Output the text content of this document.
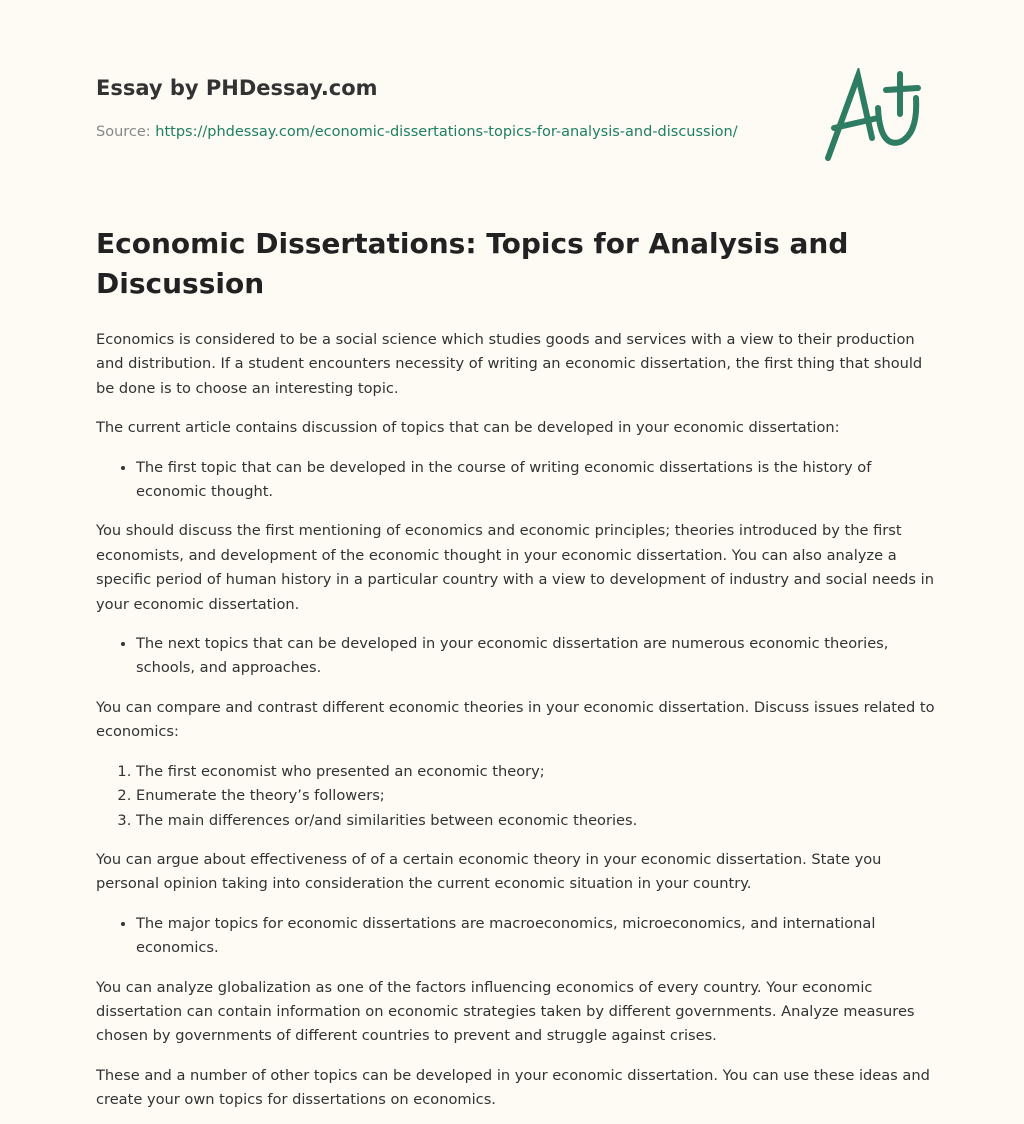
Essay by PHDessay.com
Source: https://phdessay.com/economic-dissertations-topics-for-analysis-and-discussion/
Economic Dissertations: Topics for Analysis and Discussion

Economics is considered to be a social science which studies goods and services with a view to their production and distribution. If a student encounters necessity of writing an economic dissertation, the first thing that should be done is to choose an interesting topic.

The current article contains discussion of topics that can be developed in your economic dissertation:

• The first topic that can be developed in the course of writing economic dissertations is the history of economic thought.

You should discuss the first mentioning of economics and economic principles; theories introduced by the first economists, and development of the economic thought in your economic dissertation. You can also analyze a specific period of human history in a particular country with a view to development of industry and social needs in your economic dissertation.

• The next topics that can be developed in your economic dissertation are numerous economic theories, schools, and approaches.

You can compare and contrast different economic theories in your economic dissertation. Discuss issues related to economics:

1. The first economist who presented an economic theory;
2. Enumerate the theory’s followers;
3. The main differences or/and similarities between economic theories.

You can argue about effectiveness of of a certain economic theory in your economic dissertation. State you personal opinion taking into consideration the current economic situation in your country.

• The major topics for economic dissertations are macroeconomics, microeconomics, and international economics.

You can analyze globalization as one of the factors influencing economics of every country. Your economic dissertation can contain information on economic strategies taken by different governments. Analyze measures chosen by governments of different countries to prevent and struggle against crises.

These and a number of other topics can be developed in your economic dissertation. You can use these ideas and create your own topics for dissertations on economics.
